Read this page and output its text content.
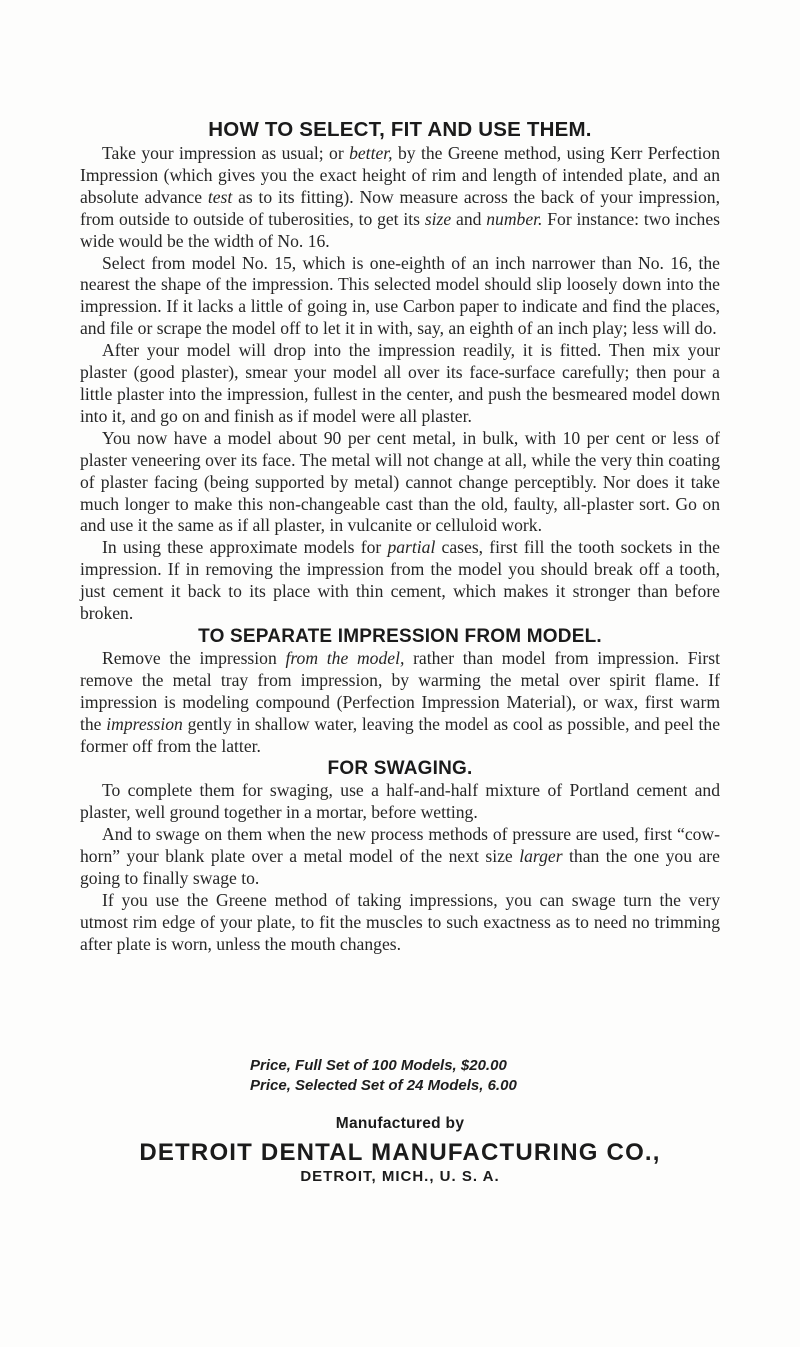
HOW TO SELECT, FIT AND USE THEM.

Take your impression as usual; or better, by the Greene method, using Kerr Perfection Impression (which gives you the exact height of rim and length of intended plate, and an absolute advance test as to its fitting). Now measure across the back of your impression, from outside to outside of tuberosities, to get its size and number. For instance: two inches wide would be the width of No. 16.

Select from model No. 15, which is one-eighth of an inch narrower than No. 16, the nearest the shape of the impression. This selected model should slip loosely down into the impression. If it lacks a little of going in, use Carbon paper to indicate and find the places, and file or scrape the model off to let it in with, say, an eighth of an inch play; less will do.

After your model will drop into the impression readily, it is fitted. Then mix your plaster (good plaster), smear your model all over its face-surface carefully; then pour a little plaster into the impression, fullest in the center, and push the besmeared model down into it, and go on and finish as if model were all plaster.

You now have a model about 90 per cent metal, in bulk, with 10 per cent or less of plaster veneering over its face. The metal will not change at all, while the very thin coating of plaster facing (being supported by metal) cannot change perceptibly. Nor does it take much longer to make this non-changeable cast than the old, faulty, all-plaster sort. Go on and use it the same as if all plaster, in vulcanite or celluloid work.

In using these approximate models for partial cases, first fill the tooth sockets in the impression. If in removing the impression from the model you should break off a tooth, just cement it back to its place with thin cement, which makes it stronger than before broken.

TO SEPARATE IMPRESSION FROM MODEL.

Remove the impression from the model, rather than model from impression. First remove the metal tray from impression, by warming the metal over spirit flame. If impression is modeling compound (Perfection Impression Material), or wax, first warm the impression gently in shallow water, leaving the model as cool as possible, and peel the former off from the latter.

FOR SWAGING.

To complete them for swaging, use a half-and-half mixture of Portland cement and plaster, well ground together in a mortar, before wetting.

And to swage on them when the new process methods of pressure are used, first “cow-horn” your blank plate over a metal model of the next size larger than the one you are going to finally swage to.

If you use the Greene method of taking impressions, you can swage turn the very utmost rim edge of your plate, to fit the muscles to such exactness as to need no trimming after plate is worn, unless the mouth changes.

Price, Full Set of 100 Models, $20.00
Price, Selected Set of 24 Models, 6.00
Manufactured by
DETROIT DENTAL MANUFACTURING CO.,
DETROIT, MICH., U. S. A.
